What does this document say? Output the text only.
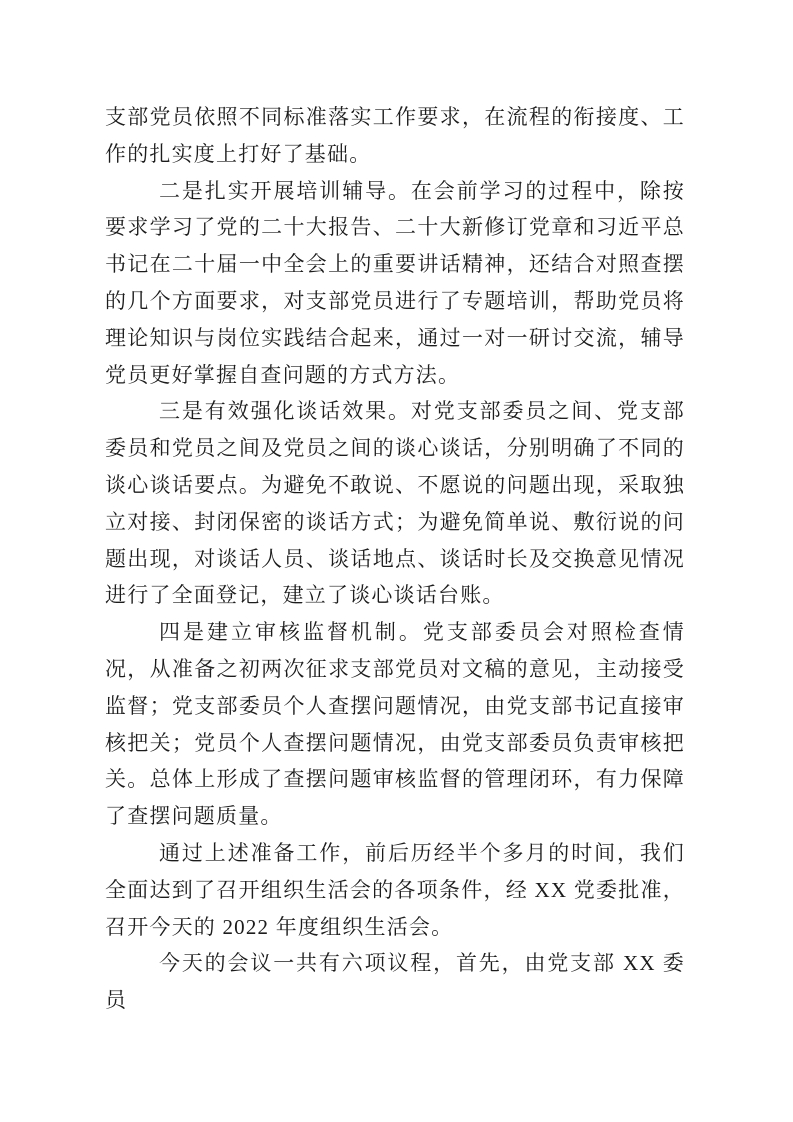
支部党员依照不同标准落实工作要求，在流程的衔接度、工作的扎实度上打好了基础。

二是扎实开展培训辅导。在会前学习的过程中，除按要求学习了党的二十大报告、二十大新修订党章和习近平总书记在二十届一中全会上的重要讲话精神，还结合对照查摆的几个方面要求，对支部党员进行了专题培训，帮助党员将理论知识与岗位实践结合起来，通过一对一研讨交流，辅导党员更好掌握自查问题的方式方法。

三是有效强化谈话效果。对党支部委员之间、党支部委员和党员之间及党员之间的谈心谈话，分别明确了不同的谈心谈话要点。为避免不敢说、不愿说的问题出现，采取独立对接、封闭保密的谈话方式；为避免简单说、敷衍说的问题出现，对谈话人员、谈话地点、谈话时长及交换意见情况进行了全面登记，建立了谈心谈话台账。

四是建立审核监督机制。党支部委员会对照检查情况，从准备之初两次征求支部党员对文稿的意见，主动接受监督；党支部委员个人查摆问题情况，由党支部书记直接审核把关；党员个人查摆问题情况，由党支部委员负责审核把关。总体上形成了查摆问题审核监督的管理闭环，有力保障了查摆问题质量。

通过上述准备工作，前后历经半个多月的时间，我们全面达到了召开组织生活会的各项条件，经 XX 党委批准，召开今天的 2022 年度组织生活会。

今天的会议一共有六项议程，首先，由党支部 XX 委员
